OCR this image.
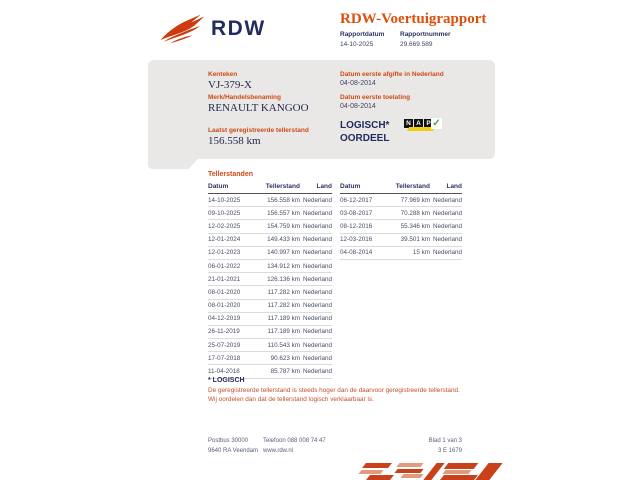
RDW	RDW-Voertuigrapport
Rapportdatum
14-10-2025
Rapportnummer
29.669.589
Kenteken
VJ-379-X
Merk/Handelsbenaming
RENAULT KANGOO
Laatst geregistreerde tellerstand
156.558 km
Datum eerste afgifte in Nederland
04-08-2014
Datum eerste toelating
04-08-2014
LOGISCH*
OORDEEL
N A P ✓
Tellerstanden
Datum	Tellerstand	Land
14-10-2025	156.558 km	Nederland
09-10-2025	156.557 km	Nederland
12-02-2025	154.759 km	Nederland
12-01-2024	149.433 km	Nederland
12-01-2023	140.997 km	Nederland
06-01-2022	134.912 km	Nederland
21-01-2021	126.136 km	Nederland
08-01-2020	117.282 km	Nederland
08-01-2020	117.282 km	Nederland
04-12-2019	117.189 km	Nederland
26-11-2019	117.189 km	Nederland
25-07-2019	110.543 km	Nederland
17-07-2018	90.623 km	Nederland
11-04-2018	85.787 km	Nederland
Datum	Tellerstand	Land
06-12-2017	77.969 km	Nederland
03-08-2017	70.288 km	Nederland
08-12-2016	55.346 km	Nederland
12-03-2016	39.501 km	Nederland
04-08-2014	15 km	Nederland
* LOGISCH
De geregistreerde tellerstand is steeds hoger dan de daarvoor geregistreerde tellerstand. Wij oordelen dan dat de tellerstand logisch verklaarbaar is.
Postbus 30000
9640 RA Veendam
Telefoon 088 008 74 47
www.rdw.nl
Blad 1 van 3
3 E 1679
